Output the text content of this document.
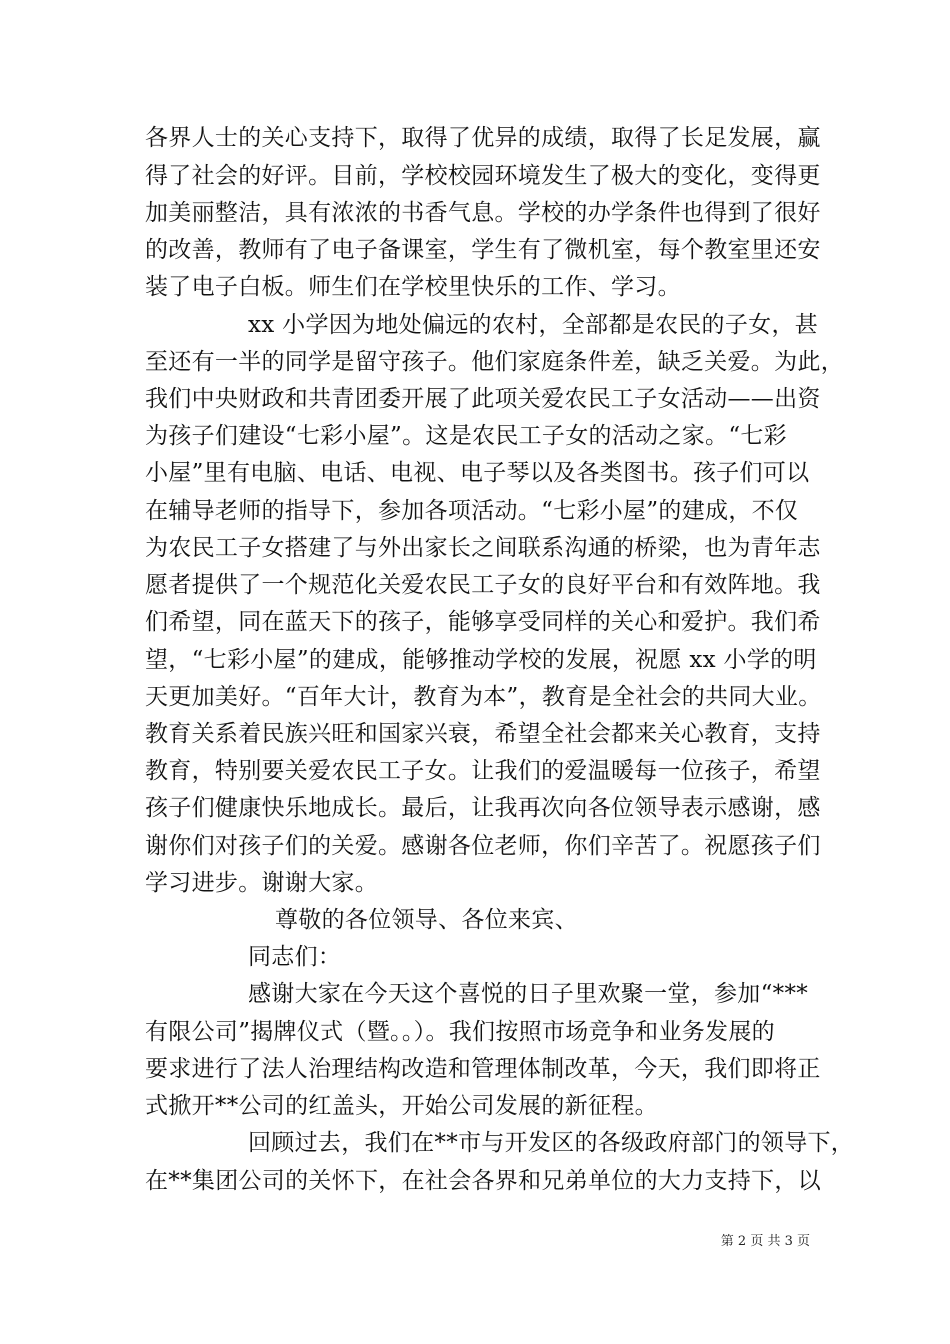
各界人士的关心支持下，取得了优异的成绩，取得了长足发展，赢
得了社会的好评。目前，学校校园环境发生了极大的变化，变得更
加美丽整洁，具有浓浓的书香气息。学校的办学条件也得到了很好
的改善，教师有了电子备课室，学生有了微机室，每个教室里还安
装了电子白板。师生们在学校里快乐的工作、学习。
xx 小学因为地处偏远的农村，全部都是农民的子女，甚
至还有一半的同学是留守孩子。他们家庭条件差，缺乏关爱。为此，
我们中央财政和共青团委开展了此项关爱农民工子女活动——出资
为孩子们建设“七彩小屋”。这是农民工子女的活动之家。“七彩
小屋”里有电脑、电话、电视、电子琴以及各类图书。孩子们可以
在辅导老师的指导下，参加各项活动。“七彩小屋”的建成，不仅
为农民工子女搭建了与外出家长之间联系沟通的桥梁，也为青年志
愿者提供了一个规范化关爱农民工子女的良好平台和有效阵地。我
们希望，同在蓝天下的孩子，能够享受同样的关心和爱护。我们希
望，“七彩小屋”的建成，能够推动学校的发展，祝愿 xx 小学的明
天更加美好。“百年大计，教育为本”，教育是全社会的共同大业。
教育关系着民族兴旺和国家兴衰，希望全社会都来关心教育，支持
教育，特别要关爱农民工子女。让我们的爱温暖每一位孩子，希望
孩子们健康快乐地成长。最后，让我再次向各位领导表示感谢，感
谢你们对孩子们的关爱。感谢各位老师，你们辛苦了。祝愿孩子们
学习进步。谢谢大家。
尊敬的各位领导、各位来宾、
同志们：
感谢大家在今天这个喜悦的日子里欢聚一堂，参加“***
有限公司”揭牌仪式（暨。。）。我们按照市场竞争和业务发展的
要求进行了法人治理结构改造和管理体制改革，今天，我们即将正
式掀开**公司的红盖头，开始公司发展的新征程。
回顾过去，我们在**市与开发区的各级政府部门的领导下，
在**集团公司的关怀下，在社会各界和兄弟单位的大力支持下，以
第 2 页 共 3 页
